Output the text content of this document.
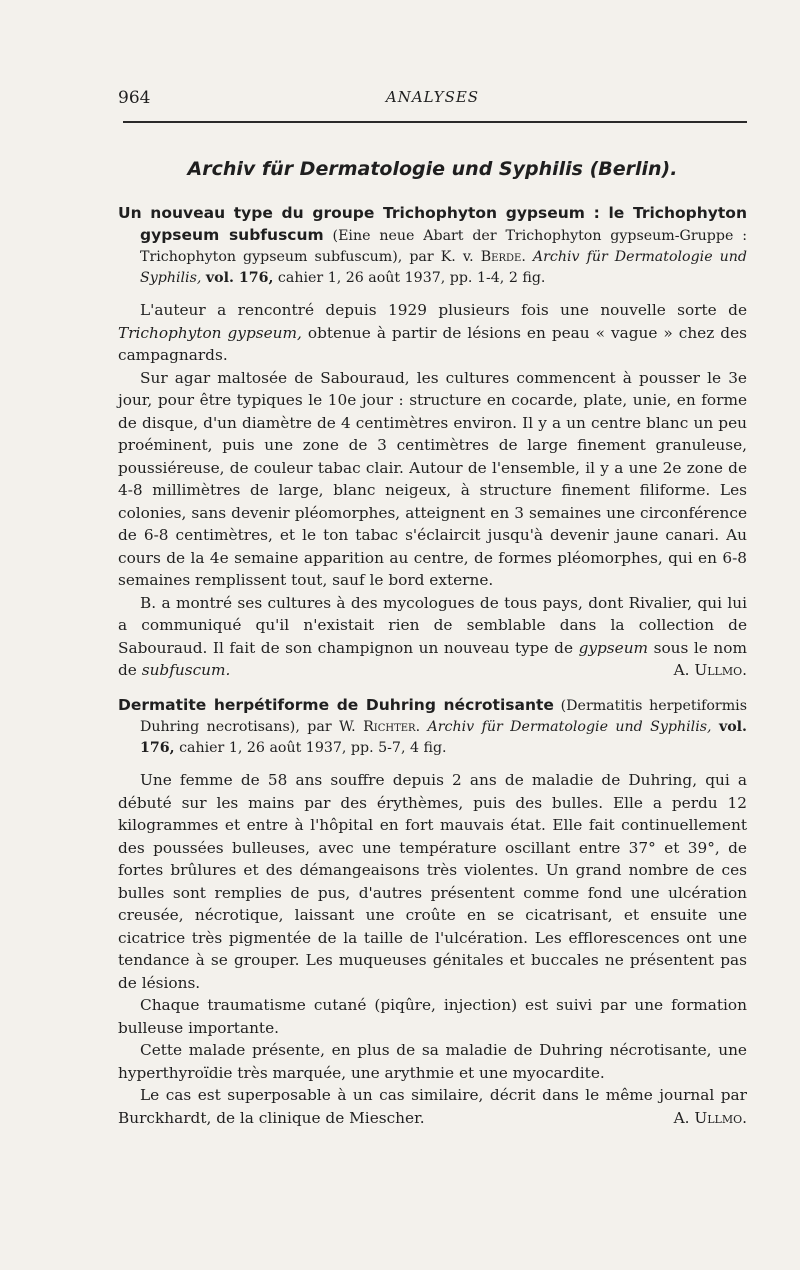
964	ANALYSES
Archiv für Dermatologie und Syphilis (Berlin).

Un nouveau type du groupe Trichophyton gypseum : le Trichophyton gypseum subfuscum (Eine neue Abart der Trichophyton gypseum-Gruppe : Trichophyton gypseum subfuscum), par K. v. Berde. Archiv für Dermatologie und Syphilis, vol. 176, cahier 1, 26 août 1937, pp. 1-4, 2 fig.

L'auteur a rencontré depuis 1929 plusieurs fois une nouvelle sorte de Trichophyton gypseum, obtenue à partir de lésions en peau « vague » chez des campagnards.

Sur agar maltosée de Sabouraud, les cultures commencent à pousser le 3e jour, pour être typiques le 10e jour : structure en cocarde, plate, unie, en forme de disque, d'un diamètre de 4 centimètres environ. Il y a un centre blanc un peu proéminent, puis une zone de 3 centimètres de large finement granuleuse, poussiéreuse, de couleur tabac clair. Autour de l'ensemble, il y a une 2e zone de 4-8 millimètres de large, blanc neigeux, à structure finement filiforme. Les colonies, sans devenir pléomorphes, atteignent en 3 semaines une circonférence de 6-8 centimètres, et le ton tabac s'éclaircit jusqu'à devenir jaune canari. Au cours de la 4e semaine apparition au centre, de formes pléomorphes, qui en 6-8 semaines remplissent tout, sauf le bord externe.

B. a montré ses cultures à des mycologues de tous pays, dont Rivalier, qui lui a communiqué qu'il n'existait rien de semblable dans la collection de Sabouraud. Il fait de son champignon un nouveau type de gypseum sous le nom de subfuscum.	A. Ullmo.

Dermatite herpétiforme de Duhring nécrotisante (Dermatitis herpetiformis Duhring necrotisans), par W. Richter. Archiv für Dermatologie und Syphilis, vol. 176, cahier 1, 26 août 1937, pp. 5-7, 4 fig.

Une femme de 58 ans souffre depuis 2 ans de maladie de Duhring, qui a débuté sur les mains par des érythèmes, puis des bulles. Elle a perdu 12 kilogrammes et entre à l'hôpital en fort mauvais état. Elle fait continuellement des poussées bulleuses, avec une température oscillant entre 37° et 39°, de fortes brûlures et des démangeaisons très violentes. Un grand nombre de ces bulles sont remplies de pus, d'autres présentent comme fond une ulcération creusée, nécrotique, laissant une croûte en se cicatrisant, et ensuite une cicatrice très pigmentée de la taille de l'ulcération. Les efflorescences ont une tendance à se grouper. Les muqueuses génitales et buccales ne présentent pas de lésions.

Chaque traumatisme cutané (piqûre, injection) est suivi par une formation bulleuse importante.

Cette malade présente, en plus de sa maladie de Duhring nécrotisante, une hyperthyroïdie très marquée, une arythmie et une myocardite.

Le cas est superposable à un cas similaire, décrit dans le même journal par Burckhardt, de la clinique de Miescher.	A. Ullmo.
